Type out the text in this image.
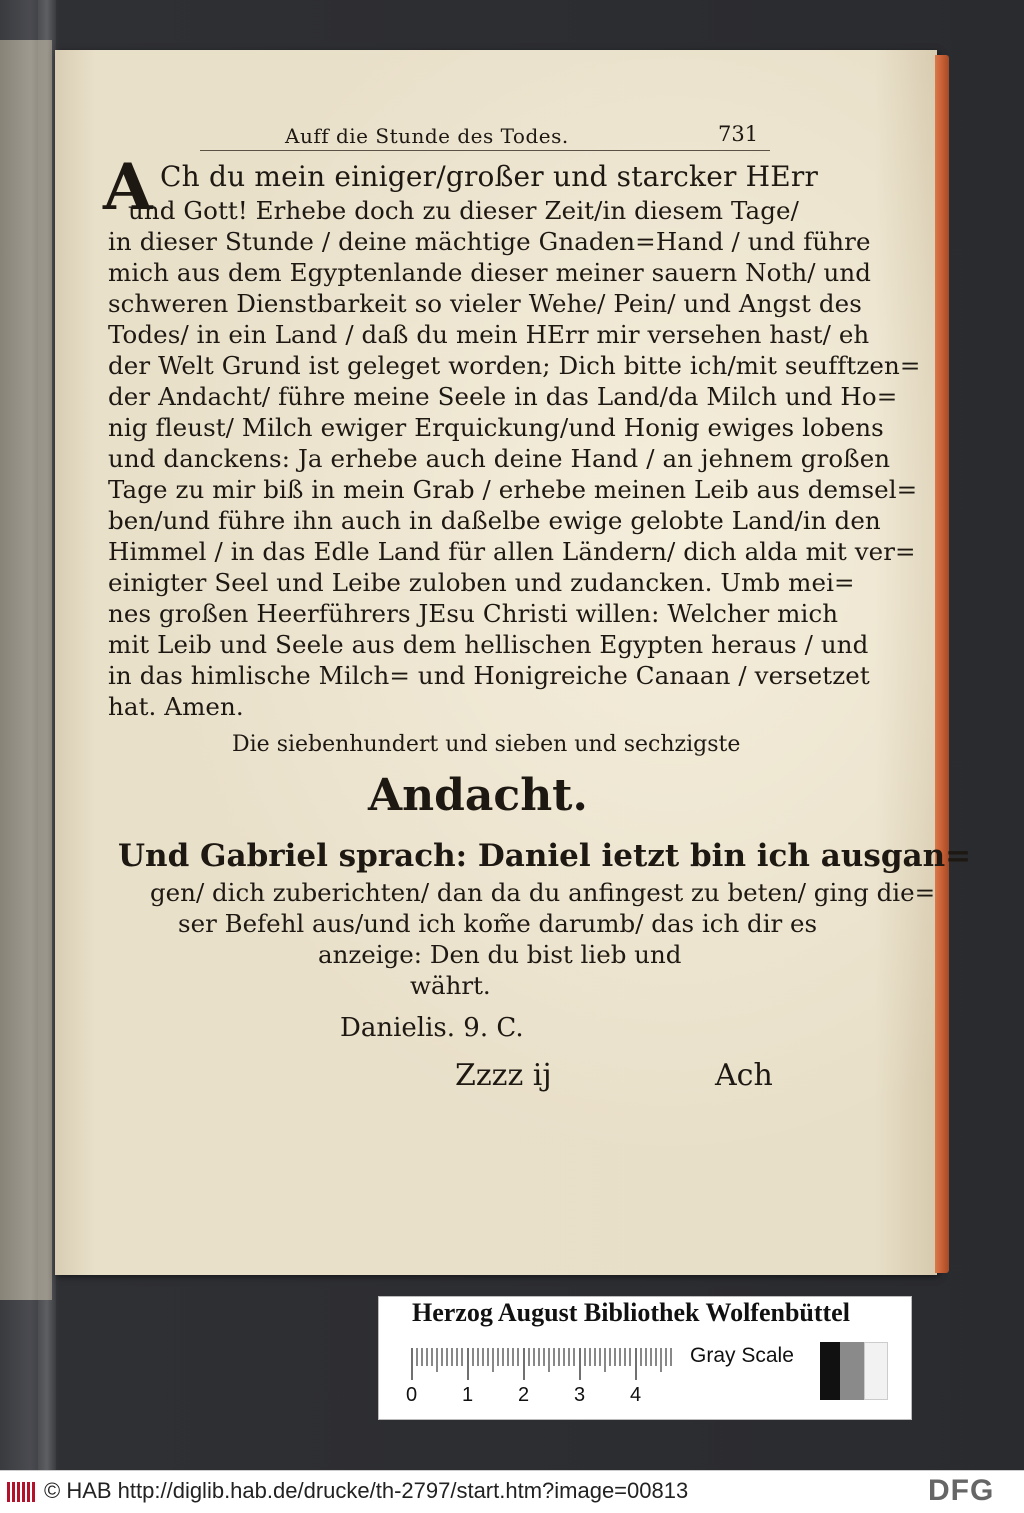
Auff die Stunde des Todes.	731
A Ch du mein einiger/großer und starcker HErr
und Gott! Erhebe doch zu dieser Zeit/in diesem Tage/
in dieser Stunde / deine mächtige Gnaden=Hand / und führe
mich aus dem Egyptenlande dieser meiner sauern Noth/ und
schweren Dienstbarkeit so vieler Wehe/ Pein/ und Angst des
Todes/ in ein Land / daß du mein HErr mir versehen hast/ eh
der Welt Grund ist geleget worden; Dich bitte ich/mit seufftzen=
der Andacht/ führe meine Seele in das Land/da Milch und Ho=
nig fleust/ Milch ewiger Erquickung/und Honig ewiges lobens
und danckens: Ja erhebe auch deine Hand / an jehnem großen
Tage zu mir biß in mein Grab / erhebe meinen Leib aus demsel=
ben/und führe ihn auch in daßelbe ewige gelobte Land/in den
Himmel / in das Edle Land für allen Ländern/ dich alda mit ver=
einigter Seel und Leibe zuloben und zudancken. Umb mei=
nes großen Heerführers JEsu Christi willen: Welcher mich
mit Leib und Seele aus dem hellischen Egypten heraus / und
in das himlische Milch= und Honigreiche Canaan / versetzet
hat. Amen.
Die siebenhundert und sieben und sechzigste
Andacht.
Und Gabriel sprach: Daniel ietzt bin ich ausgan=
gen/ dich zuberichten/ dan da du anfingest zu beten/ ging die=
ser Befehl aus/und ich kom̃e darumb/ das ich dir es
anzeige: Den du bist lieb und
währt.
Danielis. 9. C.
Zzzz ij	Ach
Herzog August Bibliothek Wolfenbüttel
0 1 2 3 4
Gray Scale
© HAB http://diglib.hab.de/drucke/th-2797/start.htm?image=00813	DFG
